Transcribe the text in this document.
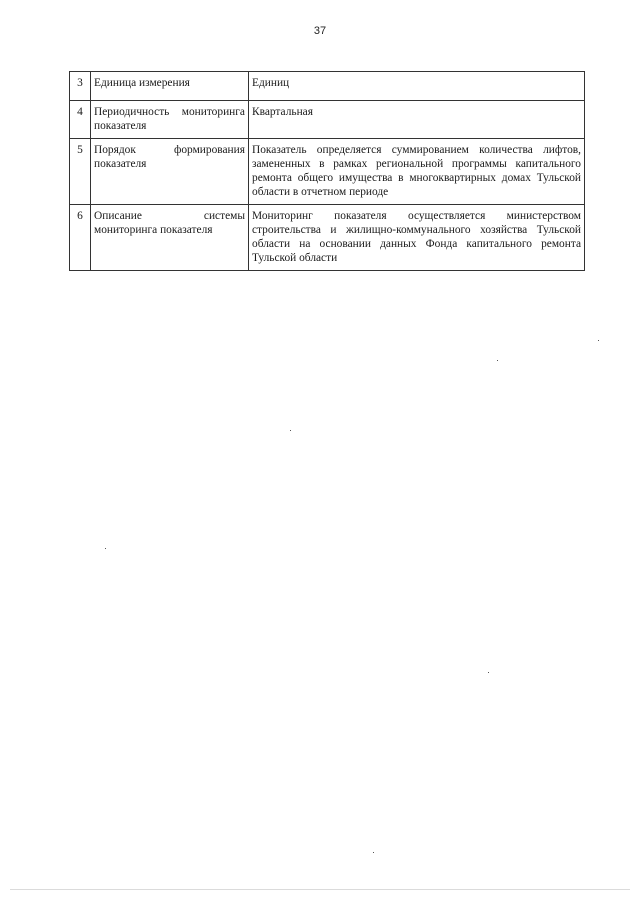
37
3	Единица измерения	Единиц
4	Периодичность мониторинга показателя	Квартальная
5	Порядок формирования показателя	Показатель определяется суммированием количества лифтов, замененных в рамках региональной программы капитального ремонта общего имущества в многоквартирных домах Тульской области в отчетном периоде
6	Описание системы мониторинга показателя	Мониторинг показателя осуществляется министерством строительства и жилищно-коммунального хозяйства Тульской области на основании данных Фонда капитального ремонта Тульской области
